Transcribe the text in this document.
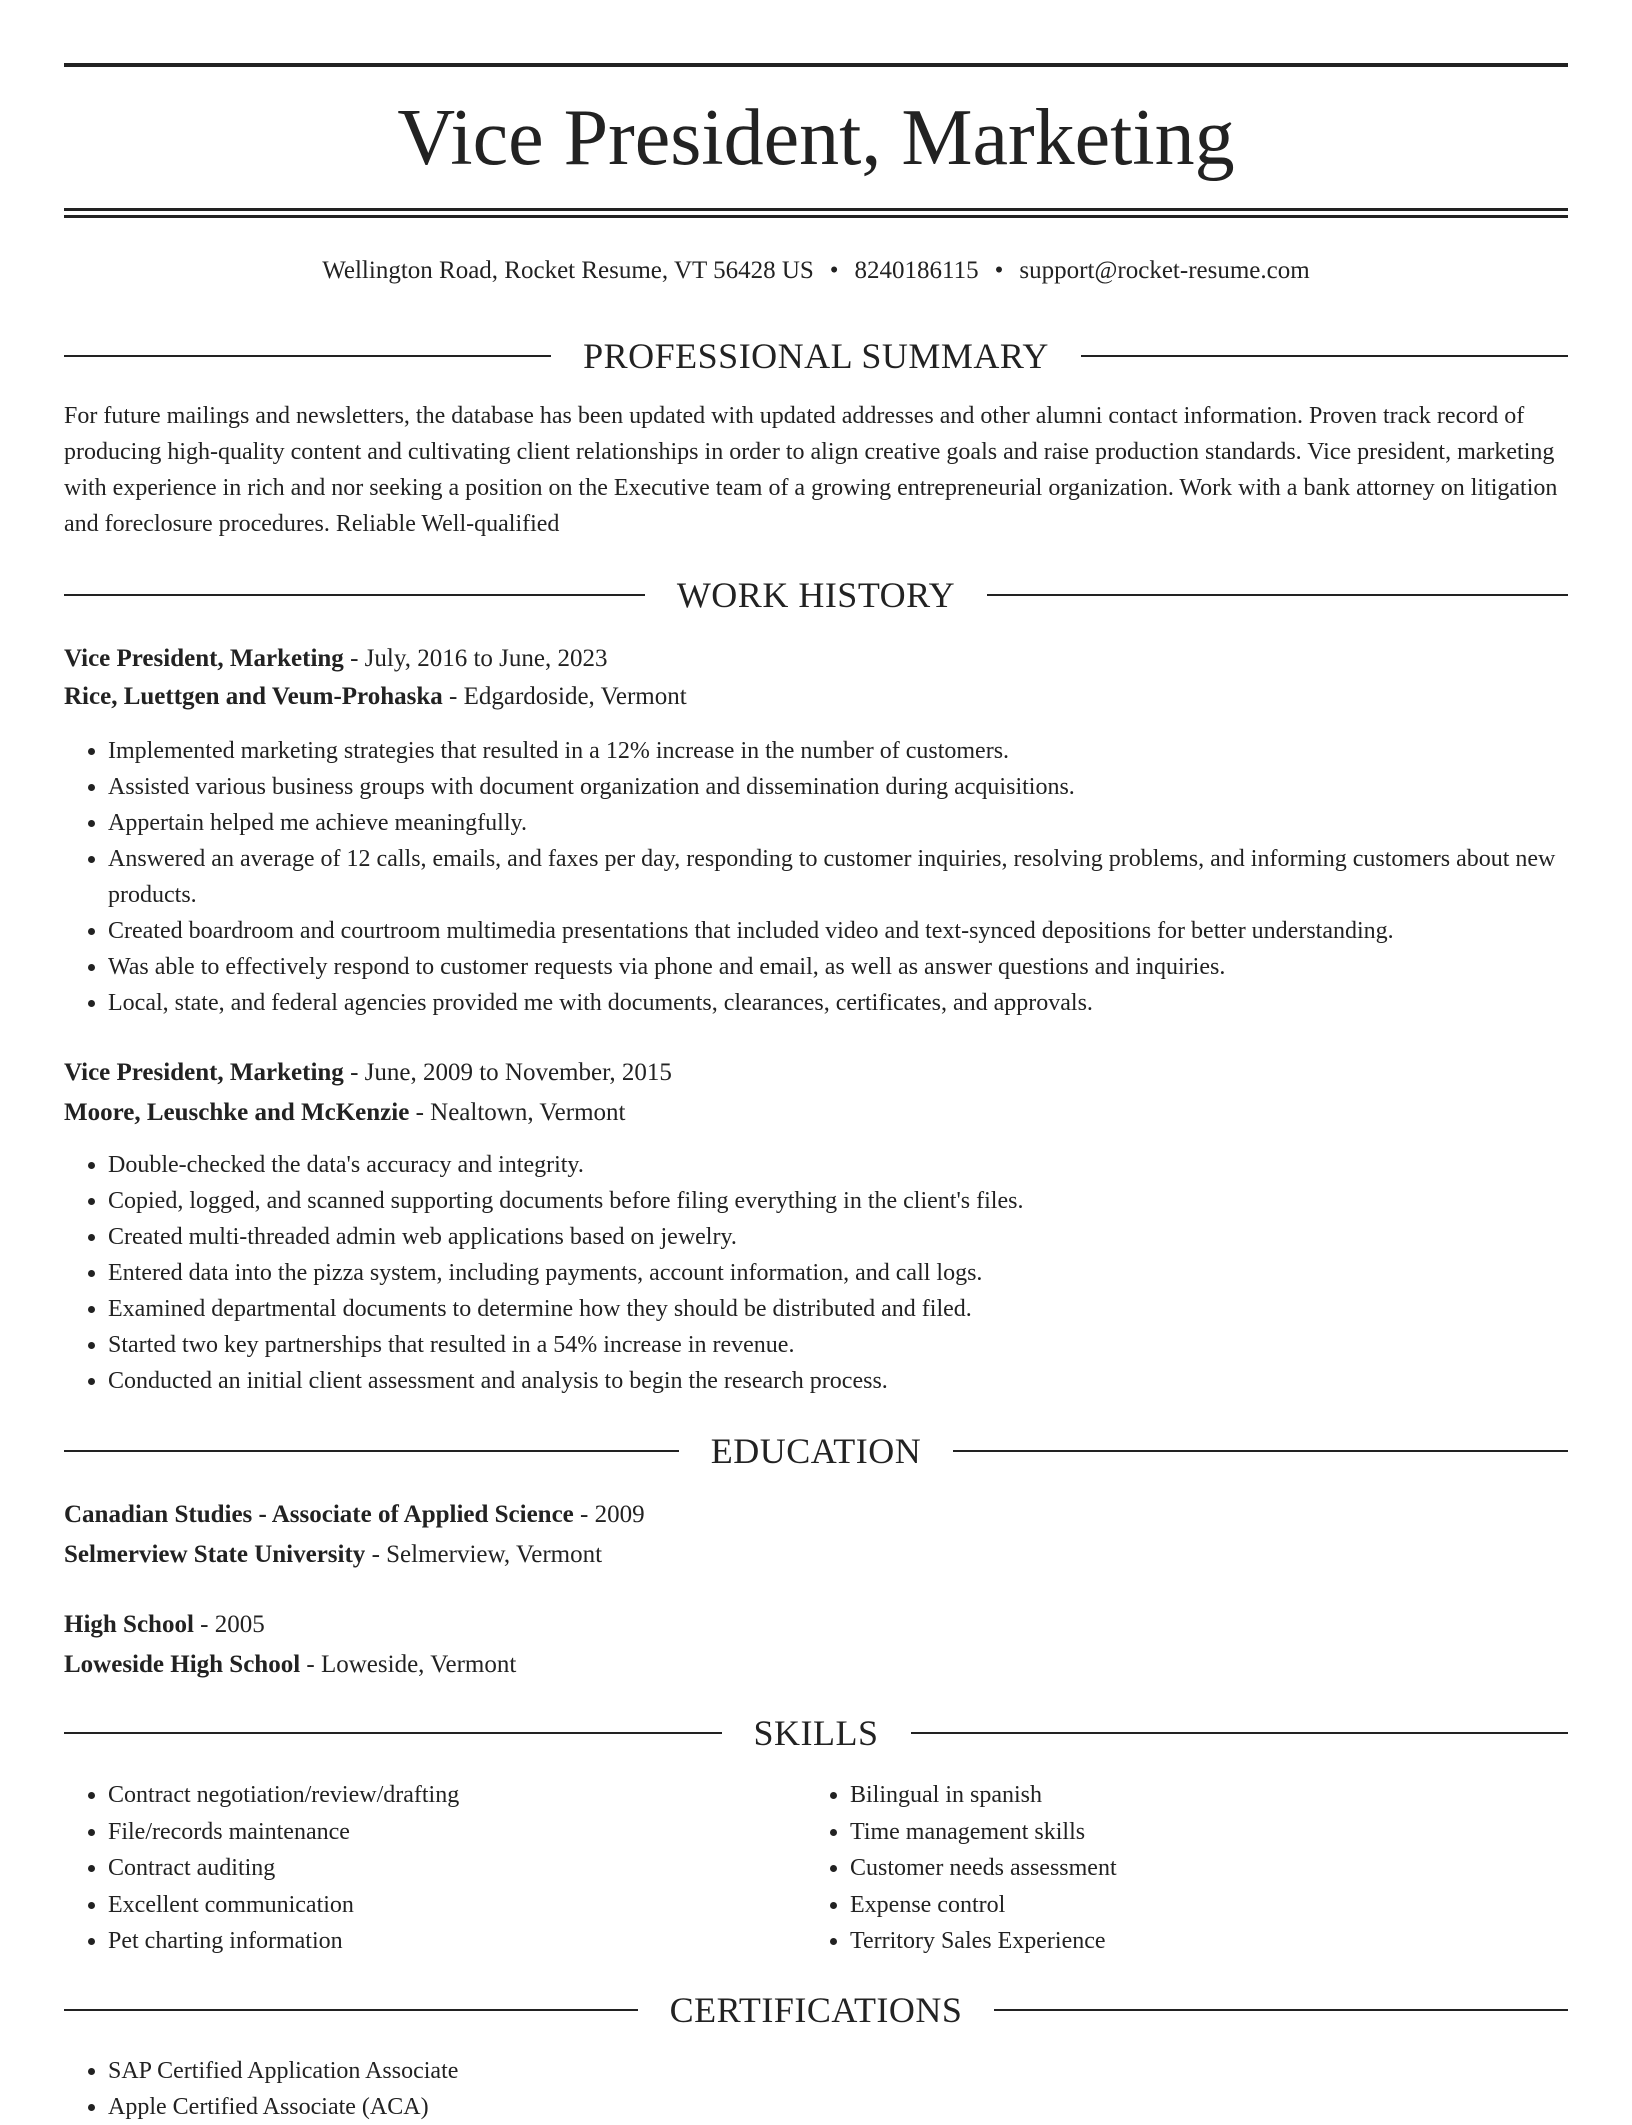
Vice President, Marketing
Wellington Road, Rocket Resume, VT 56428 US • 8240186115 • support@rocket-resume.com
PROFESSIONAL SUMMARY

For future mailings and newsletters, the database has been updated with updated addresses and other alumni contact information. Proven track record of producing high-quality content and cultivating client relationships in order to align creative goals and raise production standards. Vice president, marketing with experience in rich and nor seeking a position on the Executive team of a growing entrepreneurial organization. Work with a bank attorney on litigation and foreclosure procedures. Reliable Well-qualified

WORK HISTORY
Vice President, Marketing - July, 2016 to June, 2023
Rice, Luettgen and Veum-Prohaska - Edgardoside, Vermont
• Implemented marketing strategies that resulted in a 12% increase in the number of customers.
• Assisted various business groups with document organization and dissemination during acquisitions.
• Appertain helped me achieve meaningfully.
• Answered an average of 12 calls, emails, and faxes per day, responding to customer inquiries, resolving problems, and informing customers about new products.
• Created boardroom and courtroom multimedia presentations that included video and text-synced depositions for better understanding.
• Was able to effectively respond to customer requests via phone and email, as well as answer questions and inquiries.
• Local, state, and federal agencies provided me with documents, clearances, certificates, and approvals.
Vice President, Marketing - June, 2009 to November, 2015
Moore, Leuschke and McKenzie - Nealtown, Vermont
• Double-checked the data's accuracy and integrity.
• Copied, logged, and scanned supporting documents before filing everything in the client's files.
• Created multi-threaded admin web applications based on jewelry.
• Entered data into the pizza system, including payments, account information, and call logs.
• Examined departmental documents to determine how they should be distributed and filed.
• Started two key partnerships that resulted in a 54% increase in revenue.
• Conducted an initial client assessment and analysis to begin the research process.
EDUCATION
Canadian Studies - Associate of Applied Science - 2009
Selmerview State University - Selmerview, Vermont
High School - 2005
Loweside High School - Loweside, Vermont
SKILLS
• Contract negotiation/review/drafting
• File/records maintenance
• Contract auditing
• Excellent communication
• Pet charting information
• Bilingual in spanish
• Time management skills
• Customer needs assessment
• Expense control
• Territory Sales Experience
CERTIFICATIONS
• SAP Certified Application Associate
• Apple Certified Associate (ACA)
